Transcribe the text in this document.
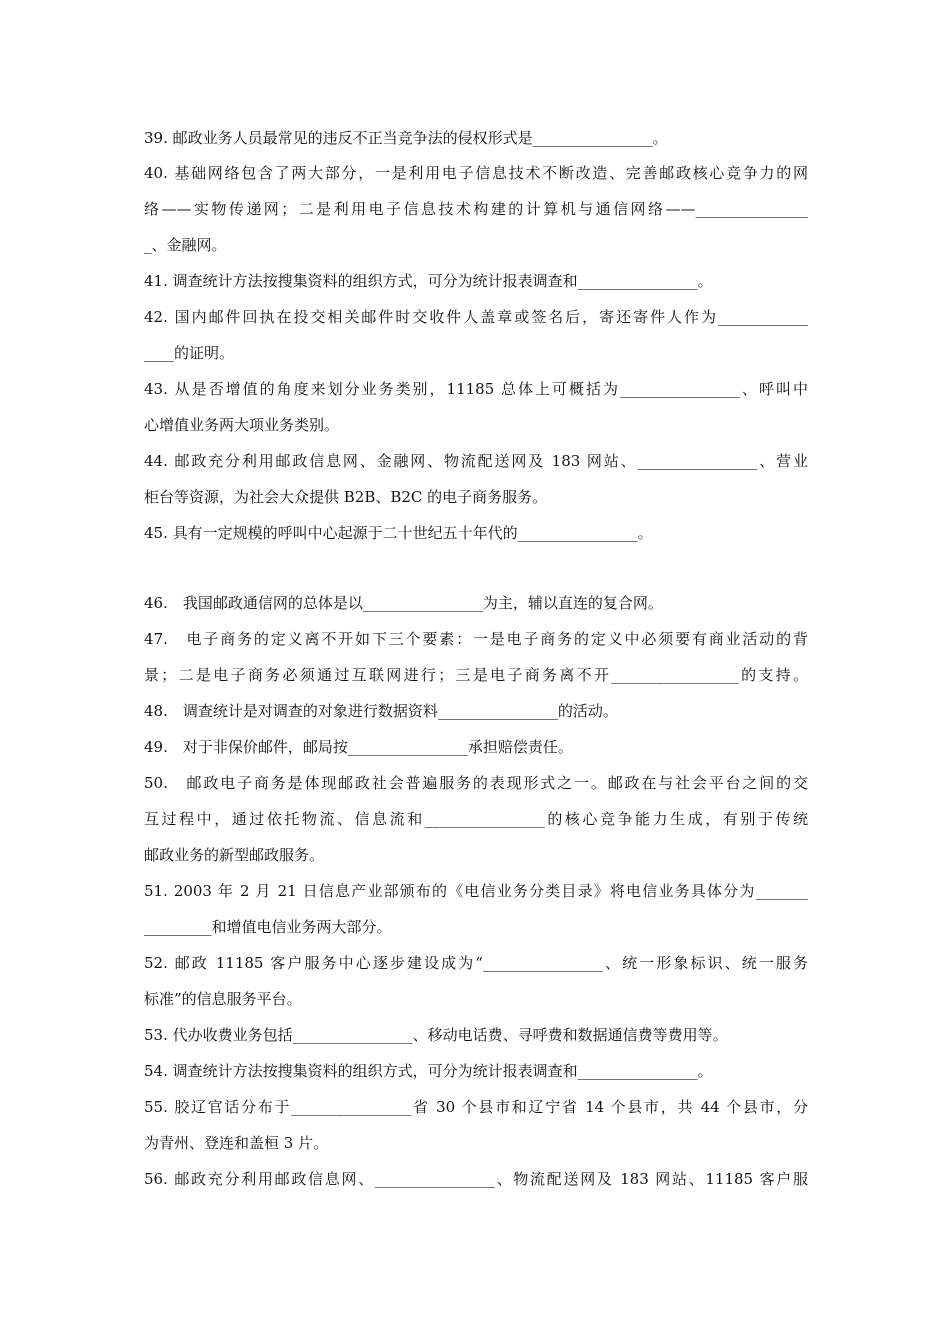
39. 邮政业务人员最常见的违反不正当竞争法的侵权形式是________________。
40. 基础网络包含了两大部分，一是利用电子信息技术不断改造、完善邮政核心竞争力的网
络——实物传递网；二是利用电子信息技术构建的计算机与通信网络——_______________
_、金融网。
41. 调查统计方法按搜集资料的组织方式，可分为统计报表调查和________________。
42. 国内邮件回执在投交相关邮件时交收件人盖章或签名后，寄还寄件人作为____________
____的证明。
43. 从是否增值的角度来划分业务类别，11185 总体上可概括为________________、呼叫中
心增值业务两大项业务类别。
44. 邮政充分利用邮政信息网、金融网、物流配送网及 183 网站、________________、营业
柜台等资源，为社会大众提供 B2B、B2C 的电子商务服务。
45. 具有一定规模的呼叫中心起源于二十世纪五十年代的________________。
46.　我国邮政通信网的总体是以________________为主，辅以直连的复合网。
47.　电子商务的定义离不开如下三个要素：一是电子商务的定义中必须要有商业活动的背
景；二是电子商务必须通过互联网进行；三是电子商务离不开_________________的支持。
48.　调查统计是对调查的对象进行数据资料________________的活动。
49.　对于非保价邮件，邮局按________________承担赔偿责任。
50.　邮政电子商务是体现邮政社会普遍服务的表现形式之一。邮政在与社会平台之间的交
互过程中，通过依托物流、信息流和________________的核心竞争能力生成，有别于传统
邮政业务的新型邮政服务。
51. 2003 年 2 月 21 日信息产业部颁布的《电信业务分类目录》将电信业务具体分为_______
_________和增值电信业务两大部分。
52. 邮政 11185 客户服务中心逐步建设成为“________________、统一形象标识、统一服务
标准”的信息服务平台。
53. 代办收费业务包括________________、移动电话费、寻呼费和数据通信费等费用等。
54. 调查统计方法按搜集资料的组织方式，可分为统计报表调查和________________。
55. 胶辽官话分布于________________省 30 个县市和辽宁省 14 个县市，共 44 个县市，分
为青州、登连和盖桓 3 片。
56. 邮政充分利用邮政信息网、________________、物流配送网及 183 网站、11185 客户服
